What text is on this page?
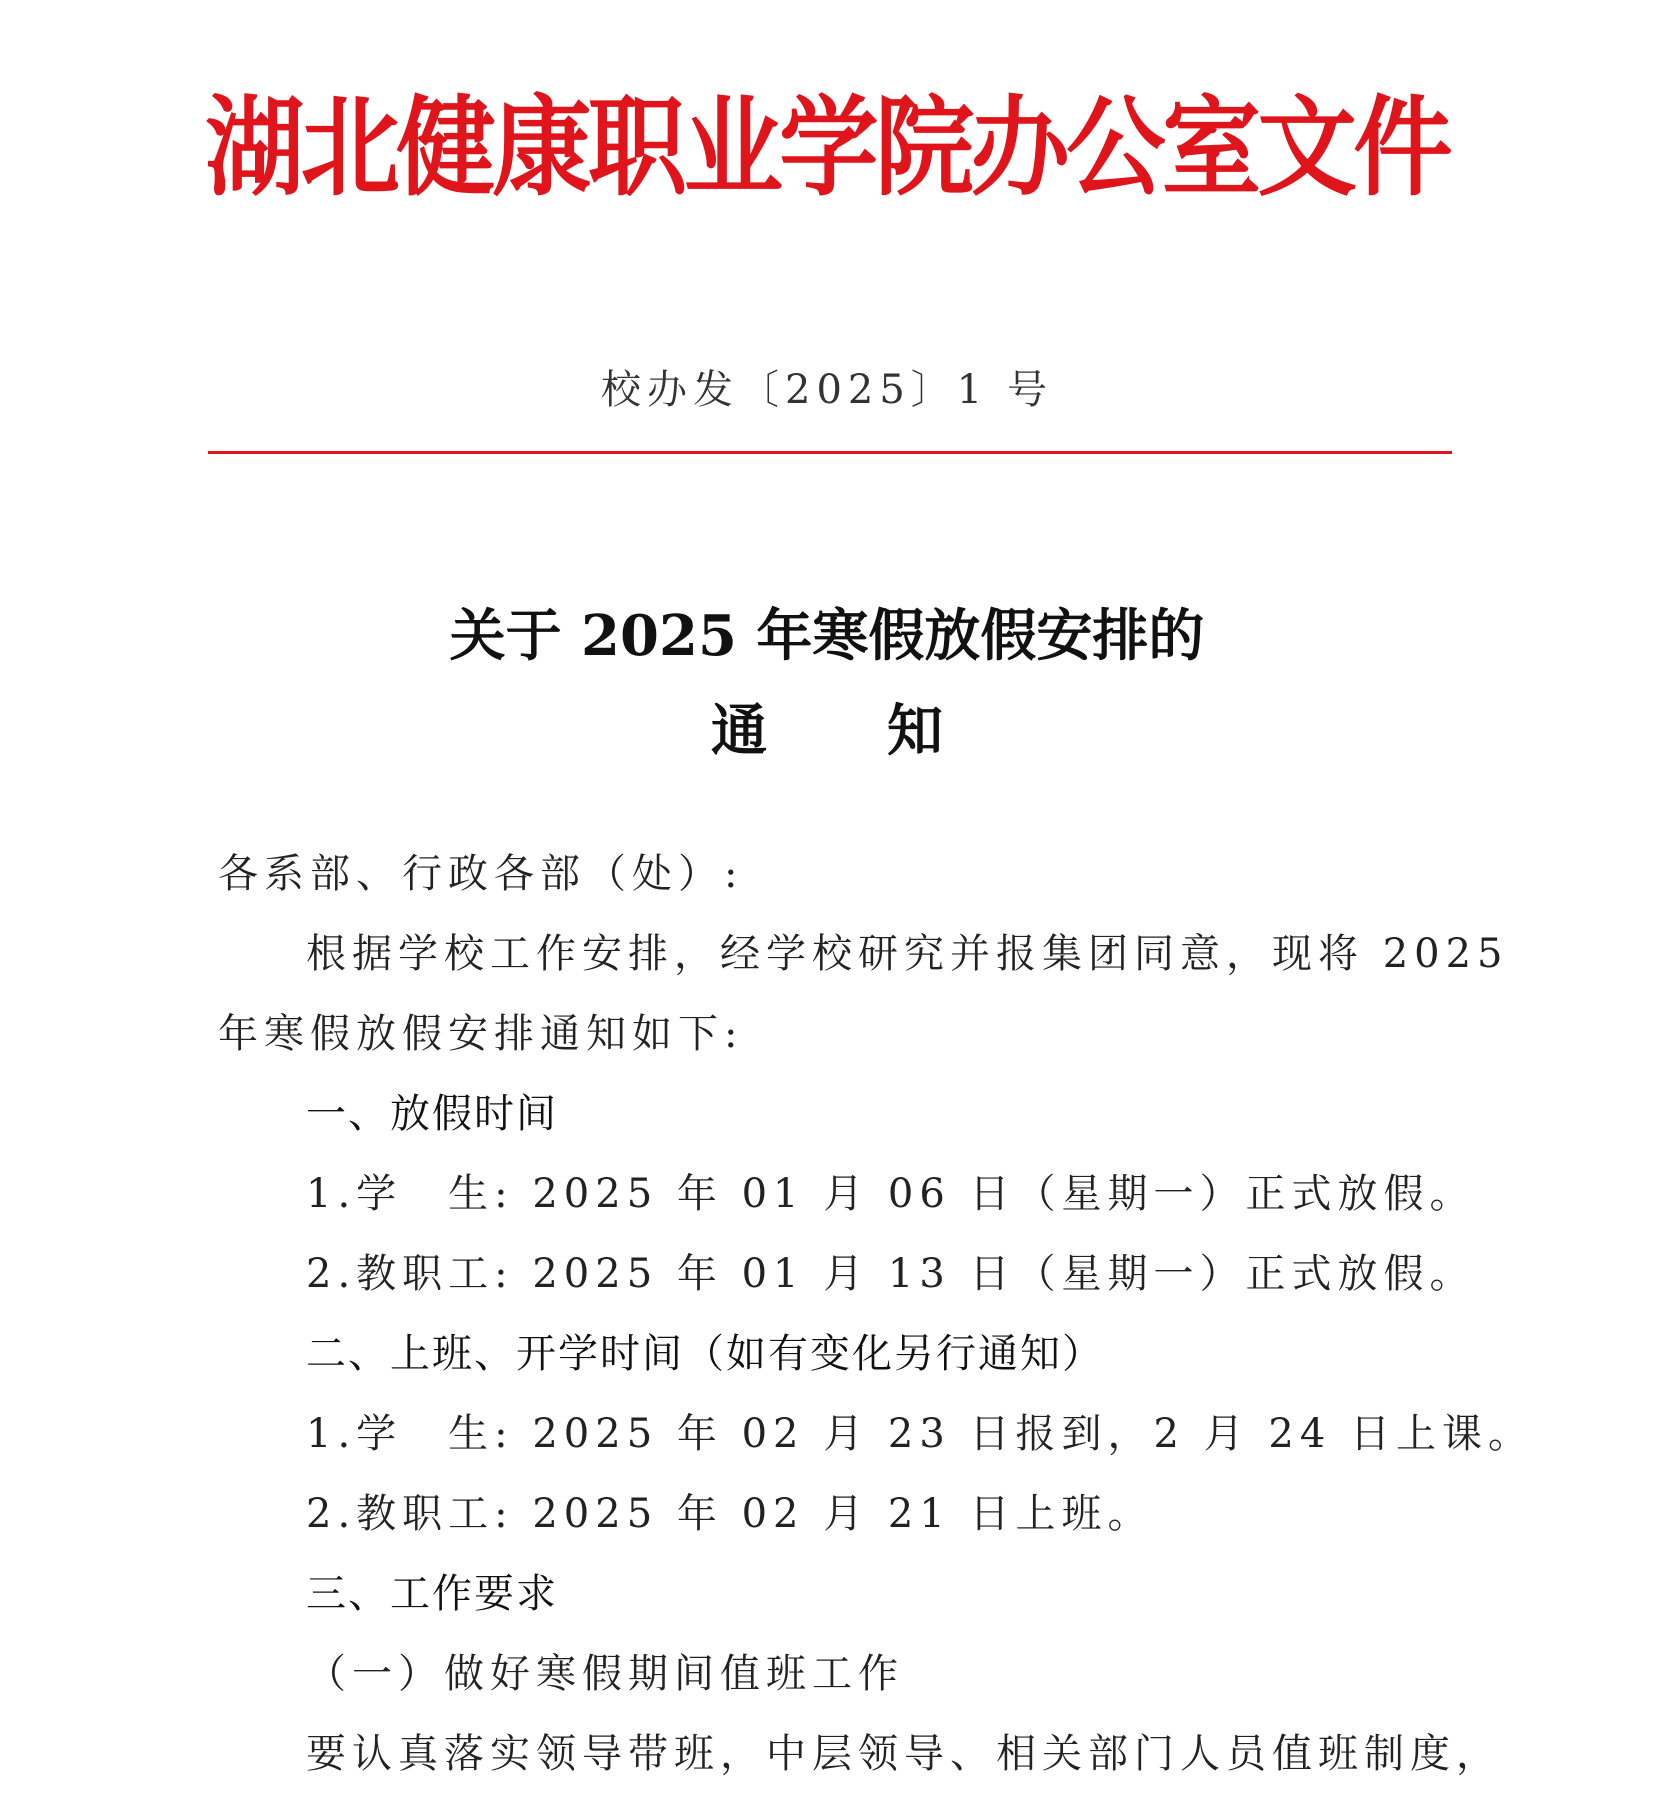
湖北健康职业学院办公室文件
校办发〔2025〕1 号
关于 2025 年寒假放假安排的
通知
各系部、行政各部（处）:
根据学校工作安排，经学校研究并报集团同意，现将 2025
年寒假放假安排通知如下:
一、放假时间
1.学　生: 2025 年 01 月 06 日（星期一）正式放假。
2.教职工: 2025 年 01 月 13 日（星期一）正式放假。
二、上班、开学时间（如有变化另行通知）
1.学　生: 2025 年 02 月 23 日报到，2 月 24 日上课。
2.教职工: 2025 年 02 月 21 日上班。
三、工作要求
（一）做好寒假期间值班工作
要认真落实领导带班，中层领导、相关部门人员值班制度，
